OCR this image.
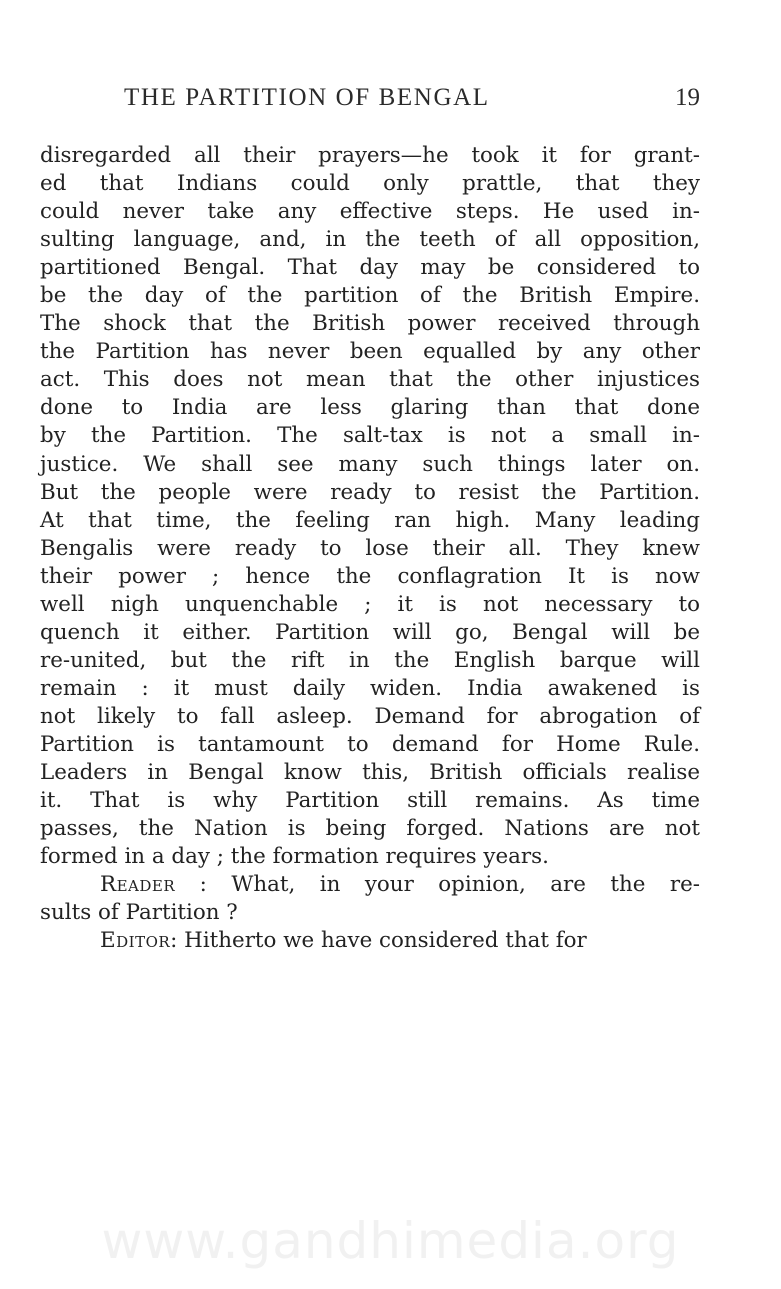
THE PARTITION OF BENGAL	19
disregarded all their prayers—he took it for grant-
ed that Indians could only prattle, that they
could never take any effective steps. He used in-
sulting language, and, in the teeth of all opposition,
partitioned Bengal. That day may be considered to
be the day of the partition of the British Empire.
The shock that the British power received through
the Partition has never been equalled by any other
act. This does not mean that the other injustices
done to India are less glaring than that done
by the Partition. The salt-tax is not a small in-
justice. We shall see many such things later on.
But the people were ready to resist the Partition.
At that time, the feeling ran high. Many leading
Bengalis were ready to lose their all. They knew
their power ; hence the conflagration It is now
well nigh unquenchable ; it is not necessary to
quench it either. Partition will go, Bengal will be
re-united, but the rift in the English barque will
remain : it must daily widen. India awakened is
not likely to fall asleep. Demand for abrogation of
Partition is tantamount to demand for Home Rule.
Leaders in Bengal know this, British officials realise
it. That is why Partition still remains. As time
passes, the Nation is being forged. Nations are not
formed in a day ; the formation requires years.
Reader : What, in your opinion, are the re-
sults of Partition ?
Editor: Hitherto we have considered that for
www.gandhimedia.org
